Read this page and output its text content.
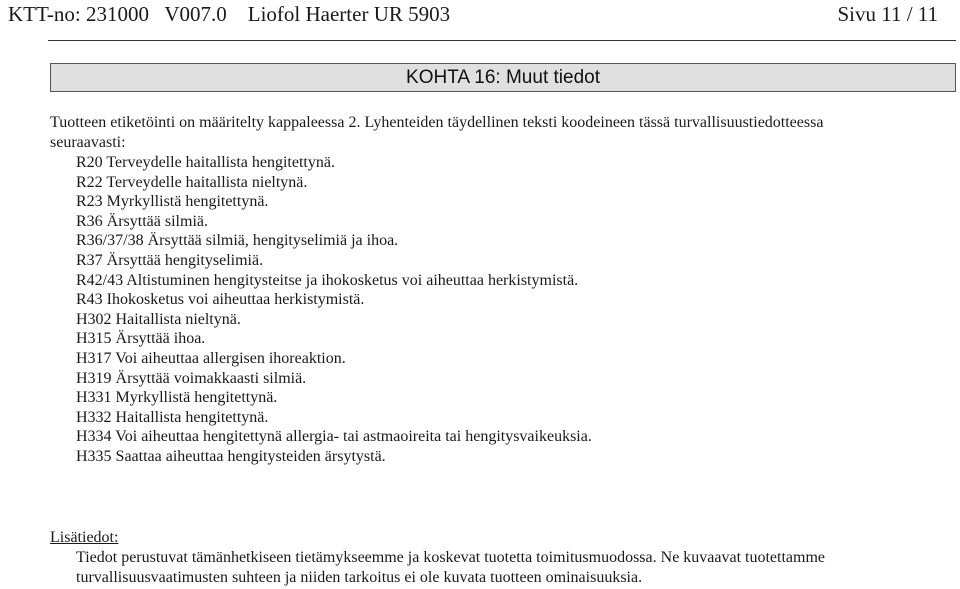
KTT-no: 231000   V007.0    Liofol Haerter UR 5903	Sivu 11 / 11
KOHTA 16: Muut tiedot

Tuotteen etiketöinti on määritelty kappaleessa 2. Lyhenteiden täydellinen teksti koodeineen tässä turvallisuustiedotteessa

seuraavasti:

R20 Terveydelle haitallista hengitettynä.
R22 Terveydelle haitallista nieltynä.
R23 Myrkyllistä hengitettynä.
R36 Ärsyttää silmiä.
R36/37/38 Ärsyttää silmiä, hengityselimiä ja ihoa.
R37 Ärsyttää hengityselimiä.
R42/43 Altistuminen hengitysteitse ja ihokosketus voi aiheuttaa herkistymistä.
R43 Ihokosketus voi aiheuttaa herkistymistä.
H302 Haitallista nieltynä.
H315 Ärsyttää ihoa.
H317 Voi aiheuttaa allergisen ihoreaktion.
H319 Ärsyttää voimakkaasti silmiä.
H331 Myrkyllistä hengitettynä.
H332 Haitallista hengitettynä.
H334 Voi aiheuttaa hengitettynä allergia- tai astmaoireita tai hengitysvaikeuksia.
H335 Saattaa aiheuttaa hengitysteiden ärsytystä.
Lisätiedot:

Tiedot perustuvat tämänhetkiseen tietämykseemme ja koskevat tuotetta toimitusmuodossa. Ne kuvaavat tuotettamme turvallisuusvaatimusten suhteen ja niiden tarkoitus ei ole kuvata tuotteen ominaisuuksia.
